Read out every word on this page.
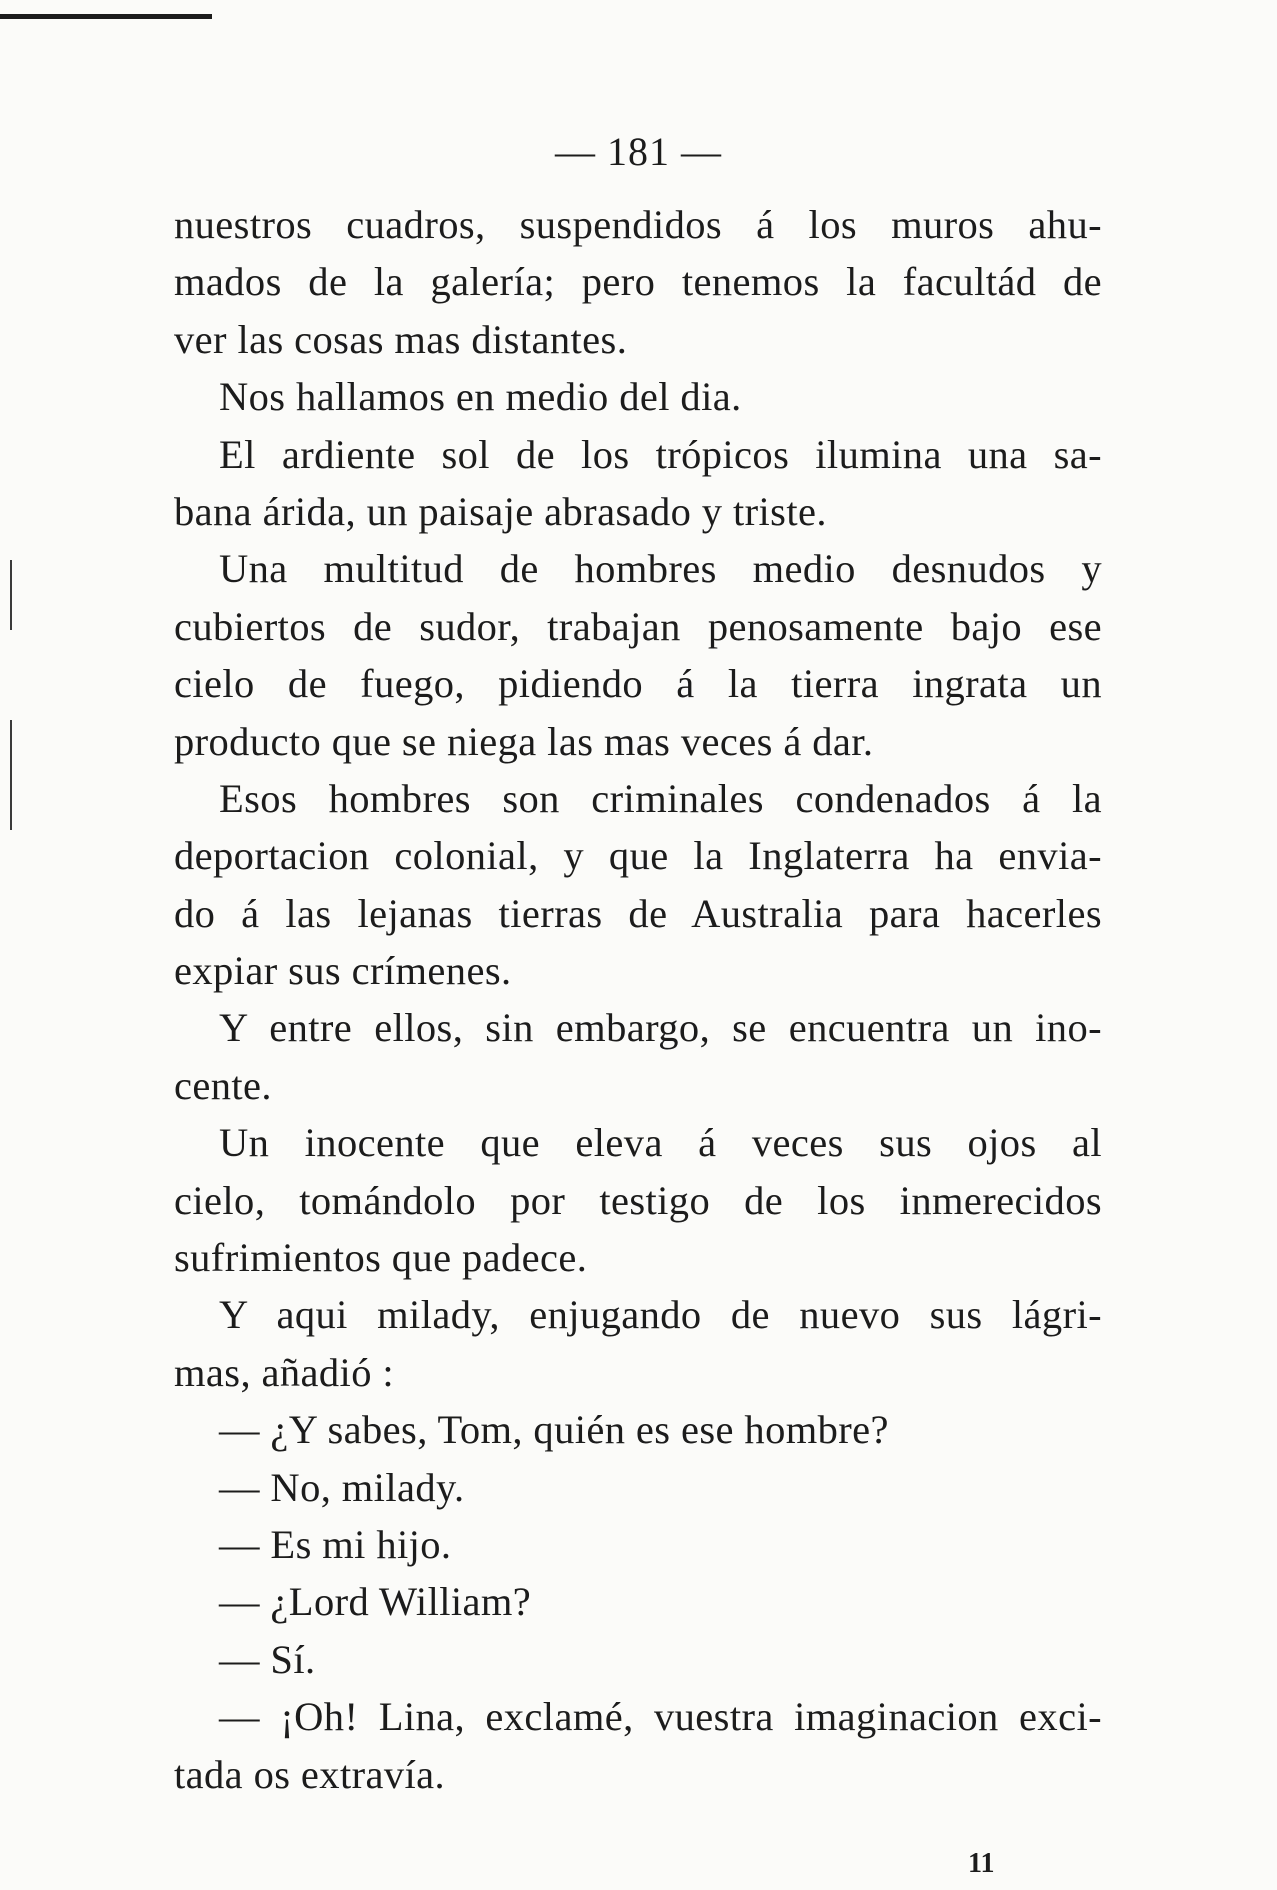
— 181 —
nuestros cuadros, suspendidos á los muros ahu-
mados de la galería; pero tenemos la facultád de
ver las cosas mas distantes.
Nos hallamos en medio del dia.
El ardiente sol de los trópicos ilumina una sa-
bana árida, un paisaje abrasado y triste.
Una multitud de hombres medio desnudos y
cubiertos de sudor, trabajan penosamente bajo ese
cielo de fuego, pidiendo á la tierra ingrata un
producto que se niega las mas veces á dar.
Esos hombres son criminales condenados á la
deportacion colonial, y que la Inglaterra ha envia-
do á las lejanas tierras de Australia para hacerles
expiar sus crímenes.
Y entre ellos, sin embargo, se encuentra un ino-
cente.
Un inocente que eleva á veces sus ojos al
cielo, tomándolo por testigo de los inmerecidos
sufrimientos que padece.
Y aqui milady, enjugando de nuevo sus lágri-
mas, añadió :
— ¿Y sabes, Tom, quién es ese hombre?
— No, milady.
— Es mi hijo.
— ¿Lord William?
— Sí.
— ¡Oh! Lina, exclamé, vuestra imaginacion exci-
tada os extravía.
11
